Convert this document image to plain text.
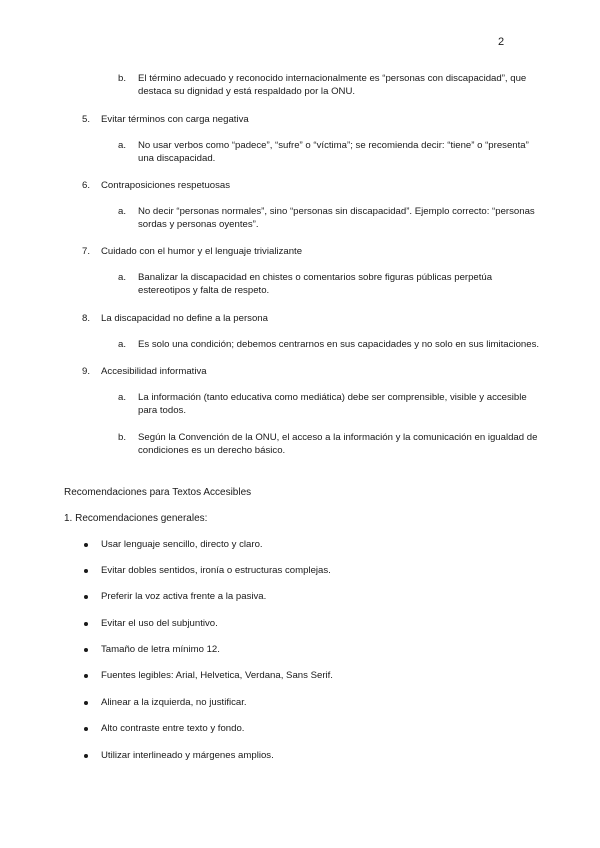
2
b. El término adecuado y reconocido internacionalmente es “personas con discapacidad”, que
destaca su dignidad y está respaldado por la ONU.
5. Evitar términos con carga negativa
a. No usar verbos como “padece”, “sufre” o “víctima”; se recomienda decir: “tiene” o “presenta”
una discapacidad.
6. Contraposiciones respetuosas
a. No decir “personas normales”, sino “personas sin discapacidad”. Ejemplo correcto: “personas
sordas y personas oyentes”.
7. Cuidado con el humor y el lenguaje trivializante
a. Banalizar la discapacidad en chistes o comentarios sobre figuras públicas perpetúa
estereotipos y falta de respeto.
8. La discapacidad no define a la persona
a. Es solo una condición; debemos centrarnos en sus capacidades y no solo en sus limitaciones.
9. Accesibilidad informativa
a. La información (tanto educativa como mediática) debe ser comprensible, visible y accesible
para todos.
b. Según la Convención de la ONU, el acceso a la información y la comunicación en igualdad de
condiciones es un derecho básico.
Recomendaciones para Textos Accesibles
1. Recomendaciones generales:
Usar lenguaje sencillo, directo y claro.
Evitar dobles sentidos, ironía o estructuras complejas.
Preferir la voz activa frente a la pasiva.
Evitar el uso del subjuntivo.
Tamaño de letra mínimo 12.
Fuentes legibles: Arial, Helvetica, Verdana, Sans Serif.
Alinear a la izquierda, no justificar.
Alto contraste entre texto y fondo.
Utilizar interlineado y márgenes amplios.
